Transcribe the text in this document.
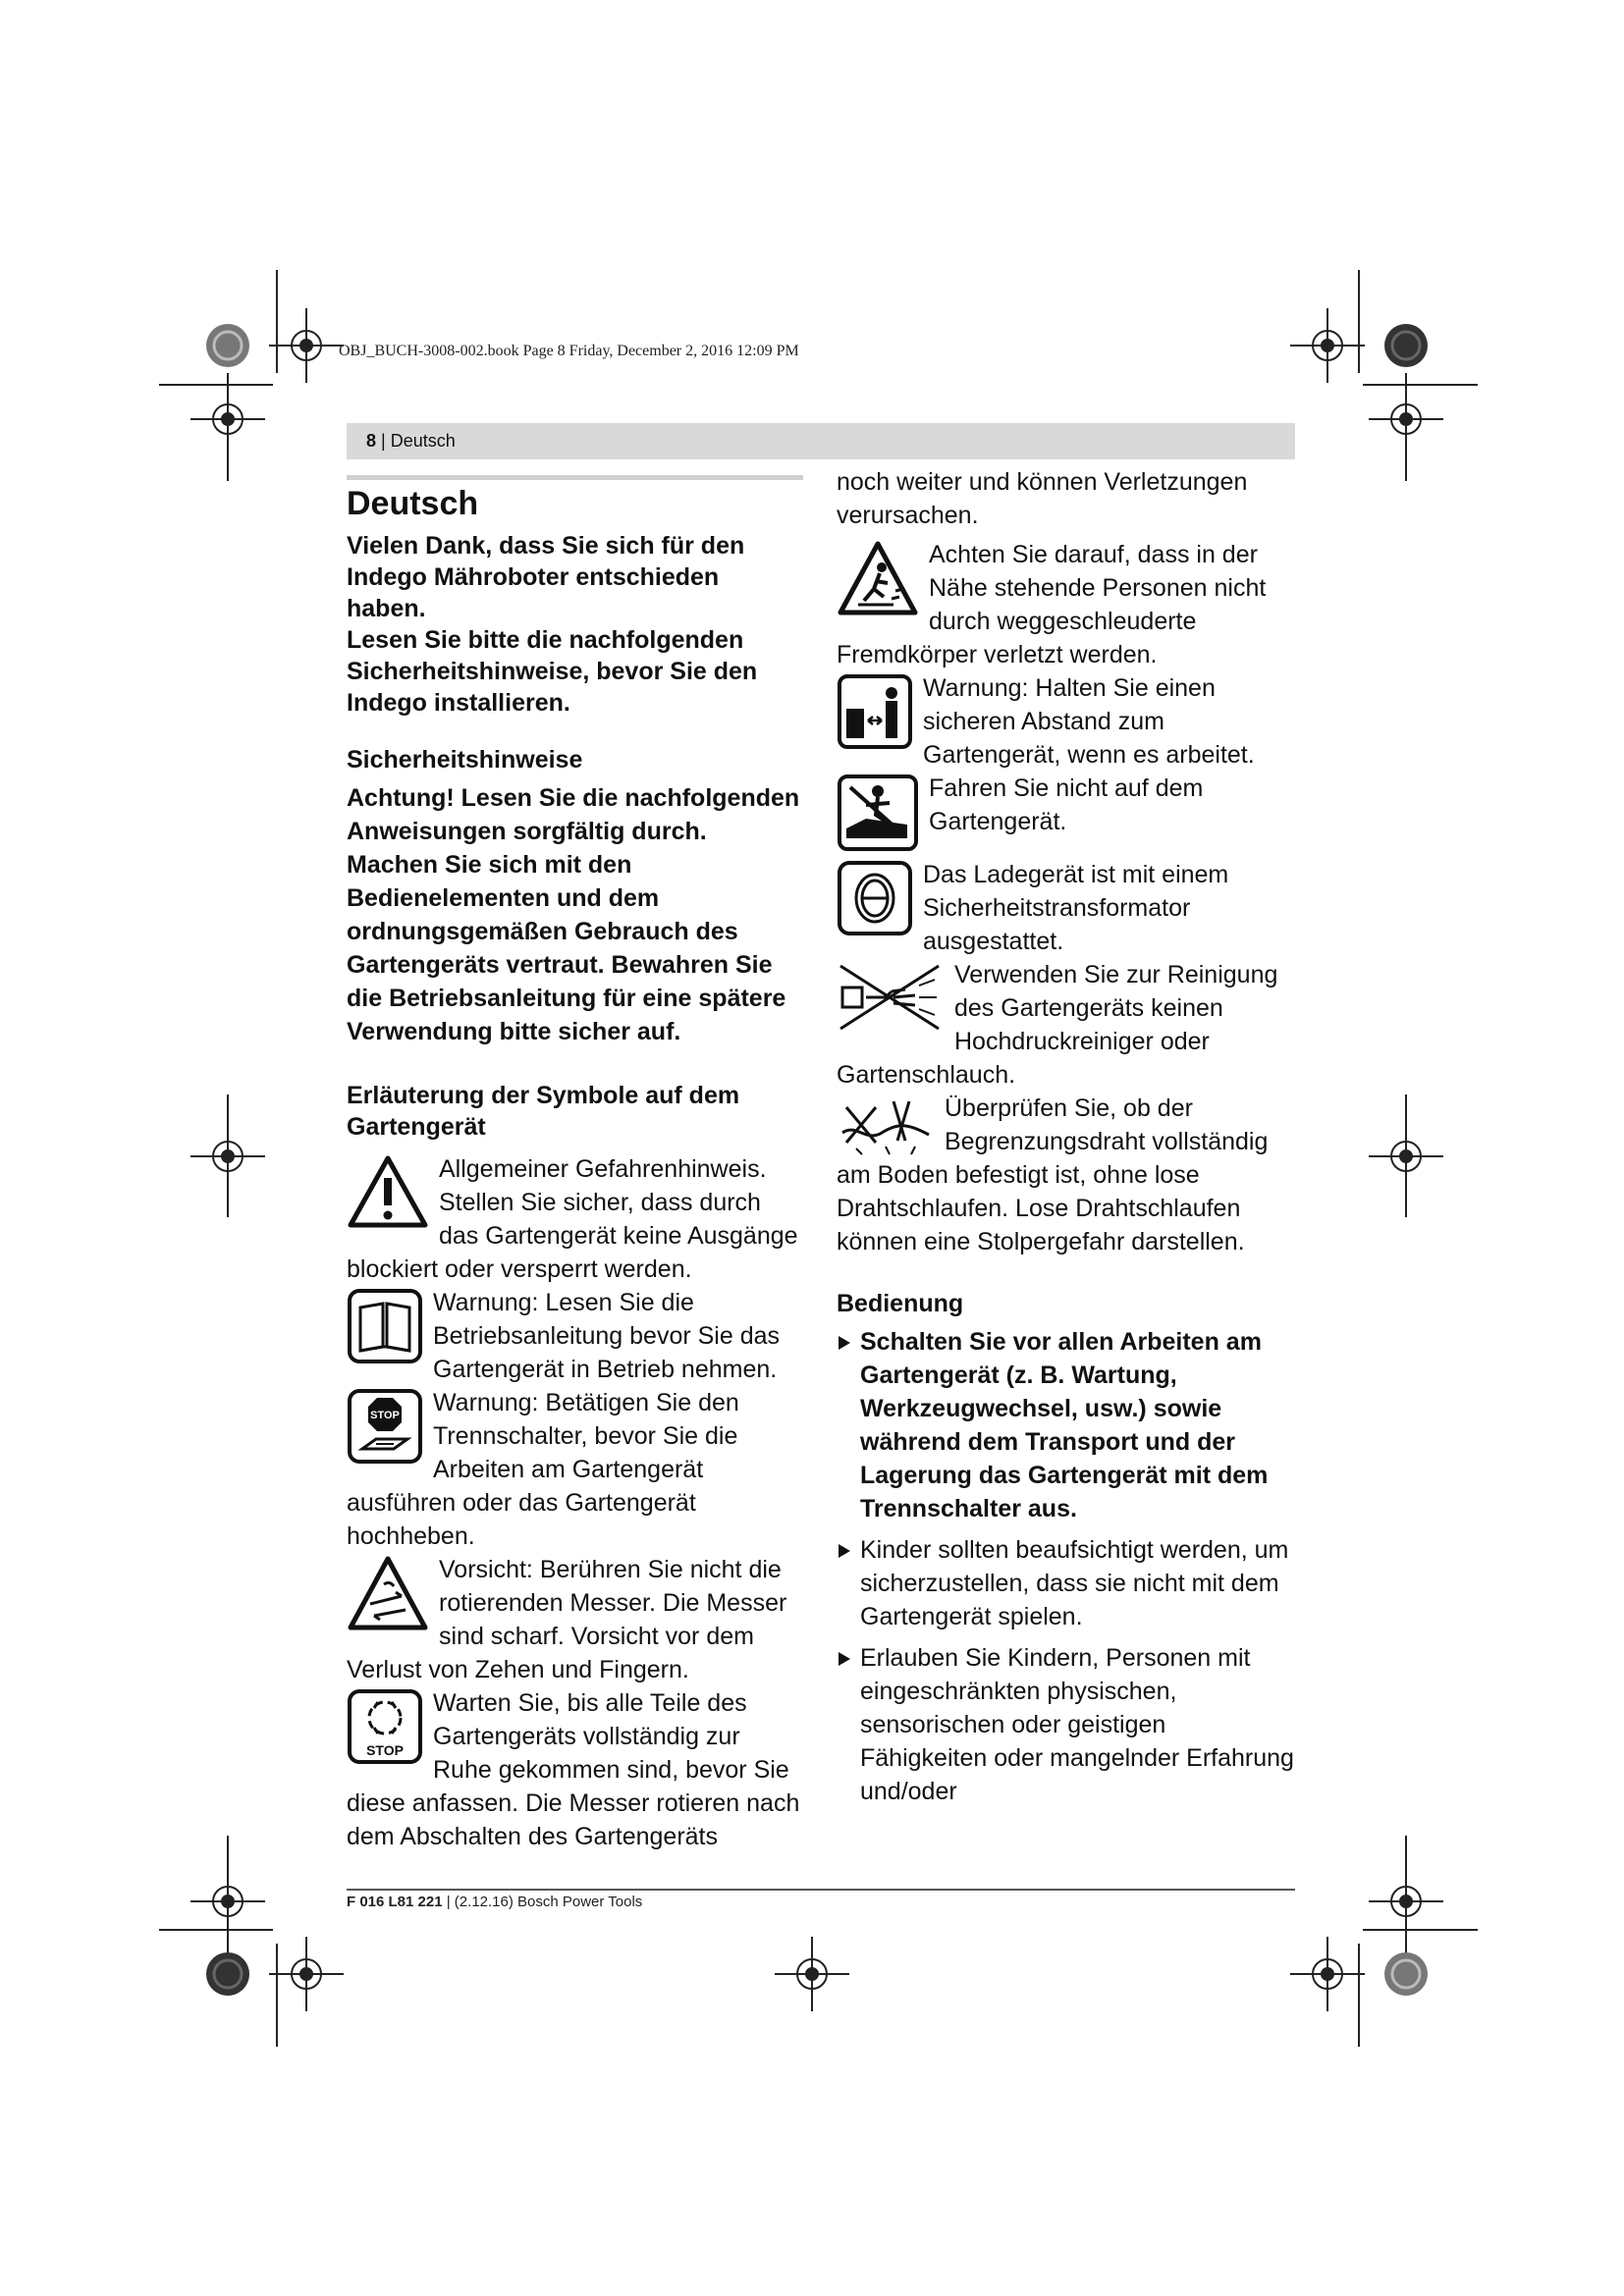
OBJ_BUCH-3008-002.book Page 8 Friday, December 2, 2016 12:09 PM
8 | Deutsch
Deutsch

Vielen Dank, dass Sie sich für den Indego Mähroboter entschieden haben.

Lesen Sie bitte die nachfolgenden Sicherheitshinweise, bevor Sie den Indego installieren.

Sicherheitshinweise

Achtung! Lesen Sie die nachfolgenden Anweisungen sorgfältig durch. Machen Sie sich mit den Bedienelementen und dem ordnungsgemäßen Gebrauch des Gartengeräts vertraut. Bewahren Sie die Betriebsanleitung für eine spätere Verwendung bitte sicher auf.

Erläuterung der Symbole auf dem Gartengerät

Allgemeiner Gefahrenhinweis. Stellen Sie sicher, dass durch das Gartengerät keine Ausgänge blockiert oder versperrt werden.

Warnung: Lesen Sie die Betriebsanleitung bevor Sie das Gartengerät in Betrieb nehmen.

STOP	Warnung: Betätigen Sie den Trennschalter, bevor Sie die Arbeiten am Gartengerät ausführen oder das Gartengerät hochheben.

Vorsicht: Berühren Sie nicht die rotierenden Messer. Die Messer sind scharf. Vorsicht vor dem Verlust von Zehen und Fingern.

STOP

Warten Sie, bis alle Teile des Gartengeräts vollständig zur Ruhe gekommen sind, bevor Sie diese anfassen. Die Messer rotieren nach dem Abschalten des Gartengeräts

noch weiter und können Verletzungen verursachen.

Achten Sie darauf, dass in der Nähe stehende Personen nicht durch weggeschleuderte Fremdkörper verletzt werden.

Warnung: Halten Sie einen sicheren Abstand zum Gartengerät, wenn es arbeitet.

Fahren Sie nicht auf dem Gartengerät.

Das Ladegerät ist mit einem Sicherheitstransformator ausgestattet.

Verwenden Sie zur Reinigung des Gartengeräts keinen Hochdruckreiniger oder Gartenschlauch.

Überprüfen Sie, ob der Begrenzungsdraht vollständig am Boden befestigt ist, ohne lose Drahtschlaufen. Lose Drahtschlaufen können eine Stolpergefahr darstellen.

Bedienung

Schalten Sie vor allen Arbeiten am Gartengerät (z. B. Wartung, Werkzeugwechsel, usw.) sowie während dem Transport und der Lagerung das Gartengerät mit dem Trennschalter aus.

Kinder sollten beaufsichtigt werden, um sicherzustellen, dass sie nicht mit dem Gartengerät spielen.

Erlauben Sie Kindern, Personen mit eingeschränkten physischen, sensorischen oder geistigen Fähigkeiten oder mangelnder Erfahrung und/oder

F 016 L81 221 | (2.12.16) Bosch Power Tools
